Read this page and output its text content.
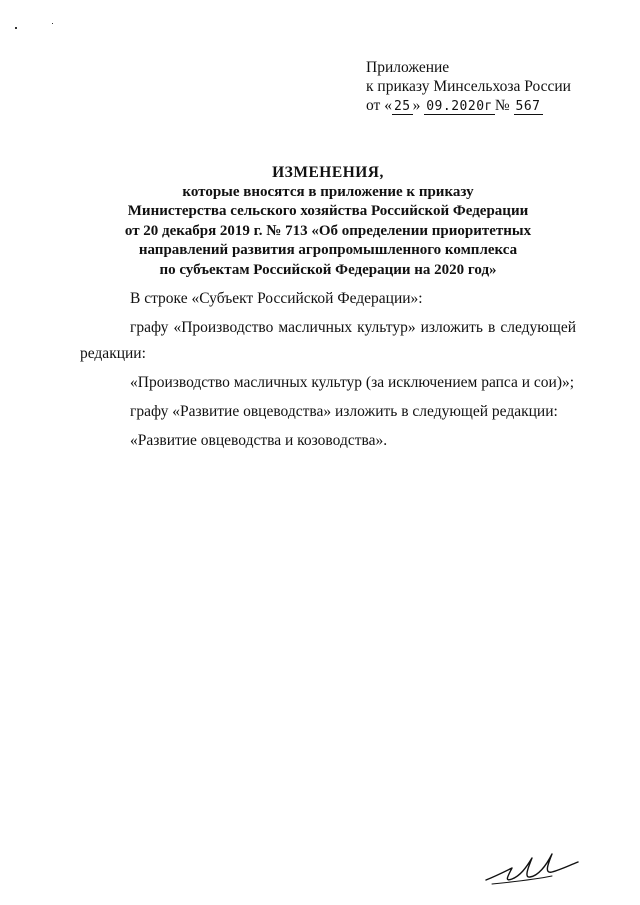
Приложение
к приказу Минсельхоза России
от « 25 » 09.2020г № 567
ИЗМЕНЕНИЯ,
которые вносятся в приложение к приказу
Министерства сельского хозяйства Российской Федерации
от 20 декабря 2019 г. № 713 «Об определении приоритетных
направлений развития агропромышленного комплекса
по субъектам Российской Федерации на 2020 год»

В строке «Субъект Российской Федерации»:

графу «Производство масличных культур» изложить в следующей редакции:

«Производство масличных культур (за исключением рапса и сои)»;

графу «Развитие овцеводства» изложить в следующей редакции:

«Развитие овцеводства и козоводства».
